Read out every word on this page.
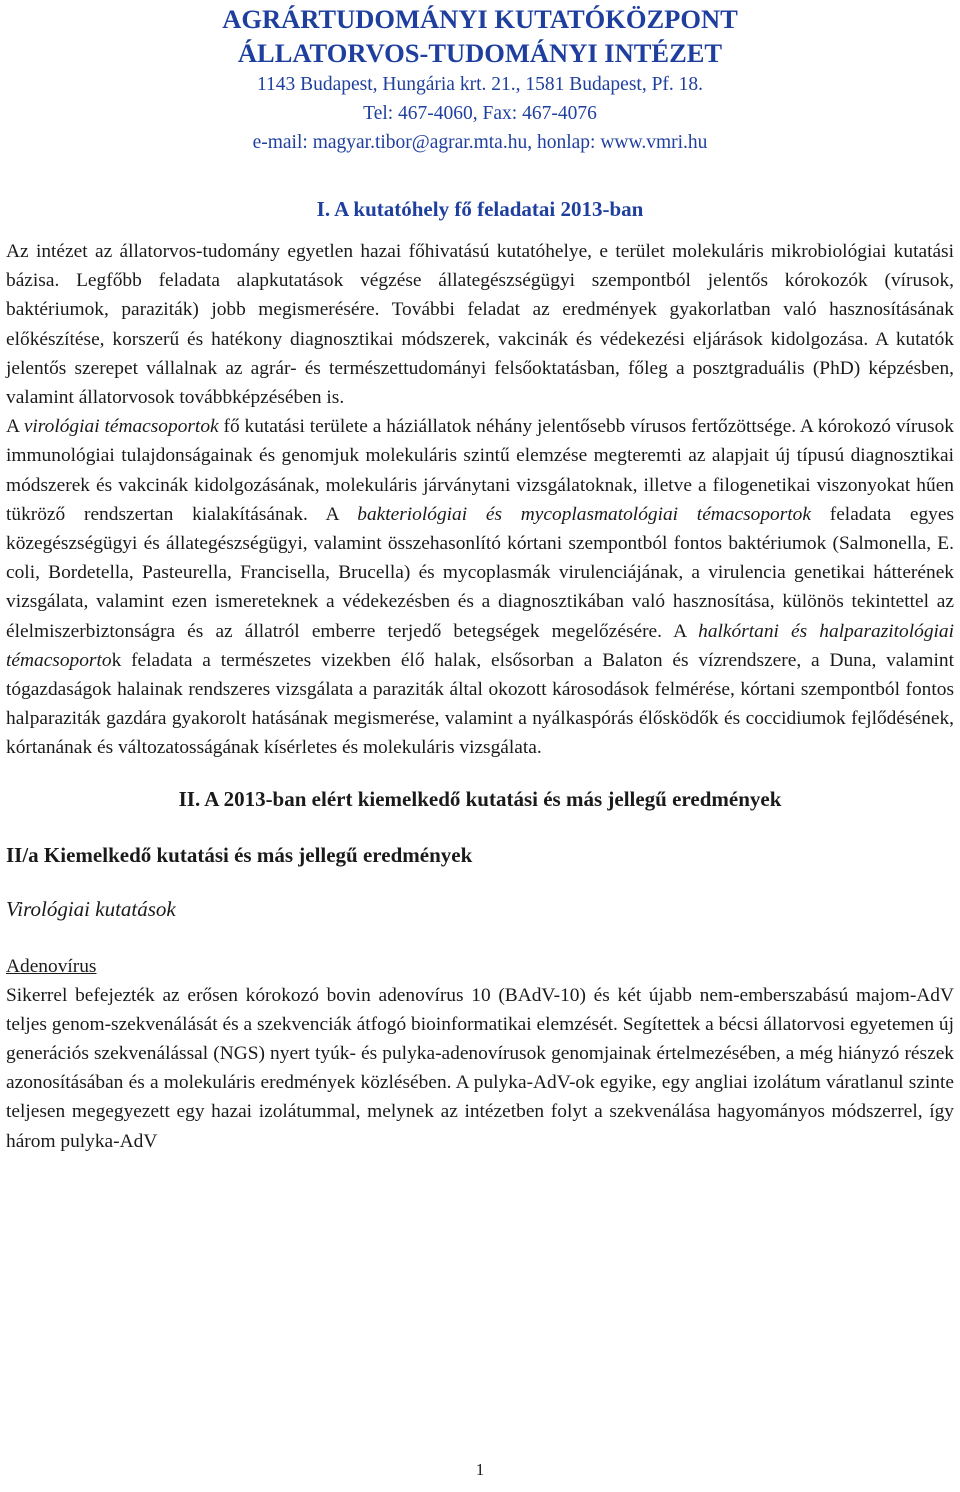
AGRÁRTUDOMÁNYI KUTATÓKÖZPONT
ÁLLATORVOS-TUDOMÁNYI INTÉZET
1143 Budapest, Hungária krt. 21., 1581 Budapest, Pf. 18.
Tel: 467-4060, Fax: 467-4076
e-mail: magyar.tibor@agrar.mta.hu, honlap: www.vmri.hu
I. A kutatóhely fő feladatai 2013-ban

Az intézet az állatorvos-tudomány egyetlen hazai főhivatású kutatóhelye, e terület molekuláris mikrobiológiai kutatási bázisa. Legfőbb feladata alapkutatások végzése állategészségügyi szempontból jelentős kórokozók (vírusok, baktériumok, paraziták) jobb megismerésére. További feladat az eredmények gyakorlatban való hasznosításának előkészítése, korszerű és hatékony diagnosztikai módszerek, vakcinák és védekezési eljárások kidolgozása. A kutatók jelentős szerepet vállalnak az agrár- és természettudományi felsőoktatásban, főleg a posztgraduális (PhD) képzésben, valamint állatorvosok továbbképzésében is.

A virológiai témacsoportok fő kutatási területe a háziállatok néhány jelentősebb vírusos fertőzöttsége. A kórokozó vírusok immunológiai tulajdonságainak és genomjuk molekuláris szintű elemzése megteremti az alapjait új típusú diagnosztikai módszerek és vakcinák kidolgozásának, molekuláris járványtani vizsgálatoknak, illetve a filogenetikai viszonyokat hűen tükröző rendszertan kialakításának. A bakteriológiai és mycoplasmatológiai témacsoportok feladata egyes közegészségügyi és állategészségügyi, valamint összehasonlító kórtani szempontból fontos baktériumok (Salmonella, E. coli, Bordetella, Pasteurella, Francisella, Brucella) és mycoplasmák virulenciájának, a virulencia genetikai hátterének vizsgálata, valamint ezen ismereteknek a védekezésben és a diagnosztikában való hasznosítása, különös tekintettel az élelmiszerbiztonságra és az állatról emberre terjedő betegségek megelőzésére. A halkórtani és halparazitológiai témacsoportok feladata a természetes vizekben élő halak, elsősorban a Balaton és vízrendszere, a Duna, valamint tógazdaságok halainak rendszeres vizsgálata a paraziták által okozott károsodások felmérése, kórtani szempontból fontos halparaziták gazdára gyakorolt hatásának megismerése, valamint a nyálkaspórás élősködők és coccidiumok fejlődésének, kórtanának és változatosságának kísérletes és molekuláris vizsgálata.

II. A 2013-ban elért kiemelkedő kutatási és más jellegű eredmények
II/a Kiemelkedő kutatási és más jellegű eredmények
Virológiai kutatások
Adenovírus

Sikerrel befejezték az erősen kórokozó bovin adenovírus 10 (BAdV-10) és két újabb nem-emberszabású majom-AdV teljes genom-szekvenálását és a szekvenciák átfogó bioinformatikai elemzését. Segítettek a bécsi állatorvosi egyetemen új generációs szekvenálással (NGS) nyert tyúk- és pulyka-adenovírusok genomjainak értelmezésében, a még hiányzó részek azonosításában és a molekuláris eredmények közlésében. A pulyka-AdV-ok egyike, egy angliai izolátum váratlanul szinte teljesen megegyezett egy hazai izolátummal, melynek az intézetben folyt a szekvenálása hagyományos módszerrel, így három pulyka-AdV

1
